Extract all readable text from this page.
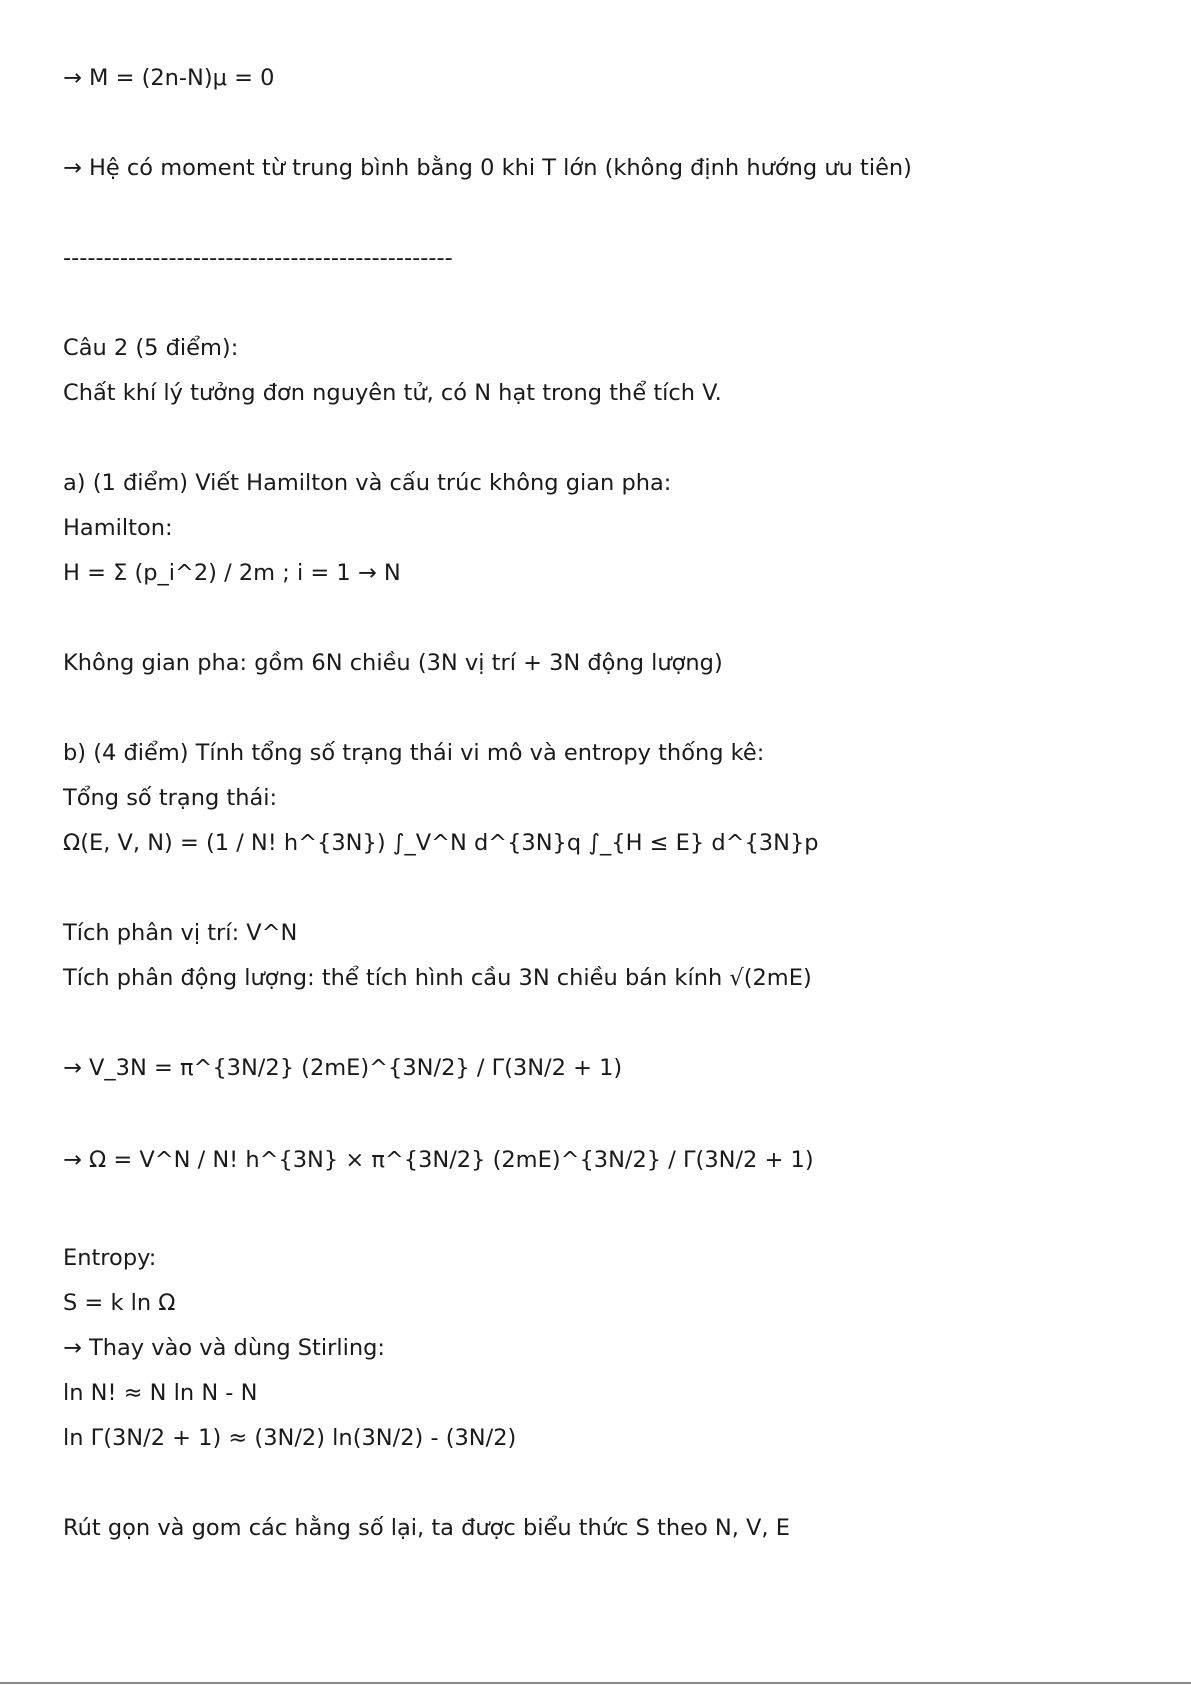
→ M = (2n-N)μ = 0
→ Hệ có moment từ trung bình bằng 0 khi T lớn (không định hướng ưu tiên)
------------------------------------------------
Câu 2 (5 điểm):
Chất khí lý tưởng đơn nguyên tử, có N hạt trong thể tích V.
a) (1 điểm) Viết Hamilton và cấu trúc không gian pha:
Hamilton:
H = Σ (p_i^2) / 2m ; i = 1 → N
Không gian pha: gồm 6N chiều (3N vị trí + 3N động lượng)
b) (4 điểm) Tính tổng số trạng thái vi mô và entropy thống kê:
Tổng số trạng thái:
Ω(E, V, N) = (1 / N! h^{3N}) ∫_V^N d^{3N}q ∫_{H ≤ E} d^{3N}p
Tích phân vị trí: V^N
Tích phân động lượng: thể tích hình cầu 3N chiều bán kính √(2mE)
→ V_3N = π^{3N/2} (2mE)^{3N/2} / Γ(3N/2 + 1)
→ Ω = V^N / N! h^{3N} × π^{3N/2} (2mE)^{3N/2} / Γ(3N/2 + 1)
Entropy:
S = k ln Ω
→ Thay vào và dùng Stirling:
ln N! ≈ N ln N - N
ln Γ(3N/2 + 1) ≈ (3N/2) ln(3N/2) - (3N/2)
Rút gọn và gom các hằng số lại, ta được biểu thức S theo N, V, E
